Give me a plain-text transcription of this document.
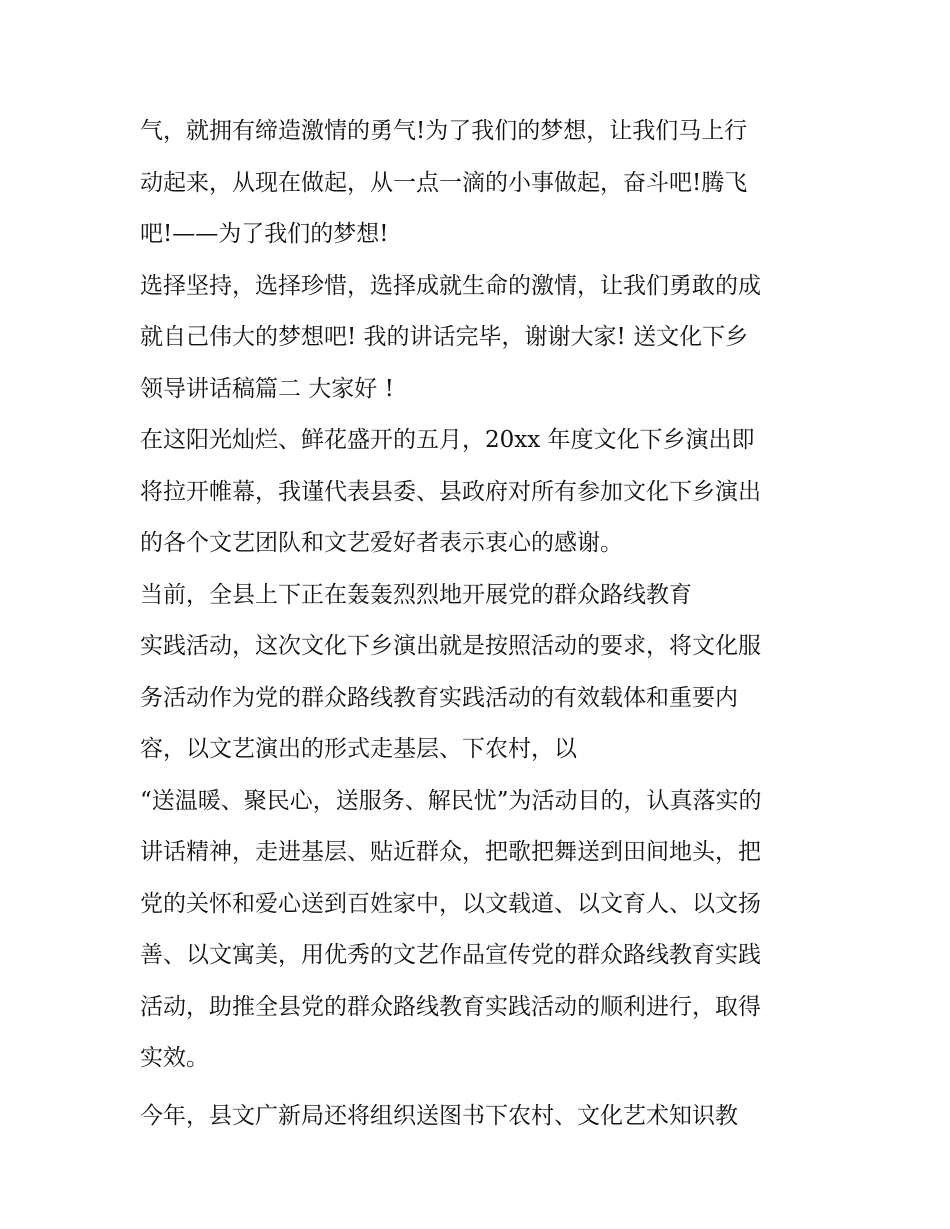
气，就拥有缔造激情的勇气!为了我们的梦想，让我们马上行
动起来，从现在做起，从一点一滴的小事做起，奋斗吧!腾飞
吧!——为了我们的梦想!
选择坚持，选择珍惜，选择成就生命的激情，让我们勇敢的成
就自己伟大的梦想吧! 我的讲话完毕，谢谢大家! 送文化下乡
领导讲话稿篇二 大家好 !
在这阳光灿烂、鲜花盛开的五月，20xx 年度文化下乡演出即
将拉开帷幕，我谨代表县委、县政府对所有参加文化下乡演出
的各个文艺团队和文艺爱好者表示衷心的感谢。
当前，全县上下正在轰轰烈烈地开展党的群众路线教育
实践活动，这次文化下乡演出就是按照活动的要求，将文化服
务活动作为党的群众路线教育实践活动的有效载体和重要内
容，以文艺演出的形式走基层、下农村，以
“送温暖、聚民心，送服务、解民忧”为活动目的，认真落实的
讲话精神，走进基层、贴近群众，把歌把舞送到田间地头，把
党的关怀和爱心送到百姓家中，以文载道、以文育人、以文扬
善、以文寓美，用优秀的文艺作品宣传党的群众路线教育实践
活动，助推全县党的群众路线教育实践活动的顺利进行，取得
实效。
今年，县文广新局还将组织送图书下农村、文化艺术知识教
